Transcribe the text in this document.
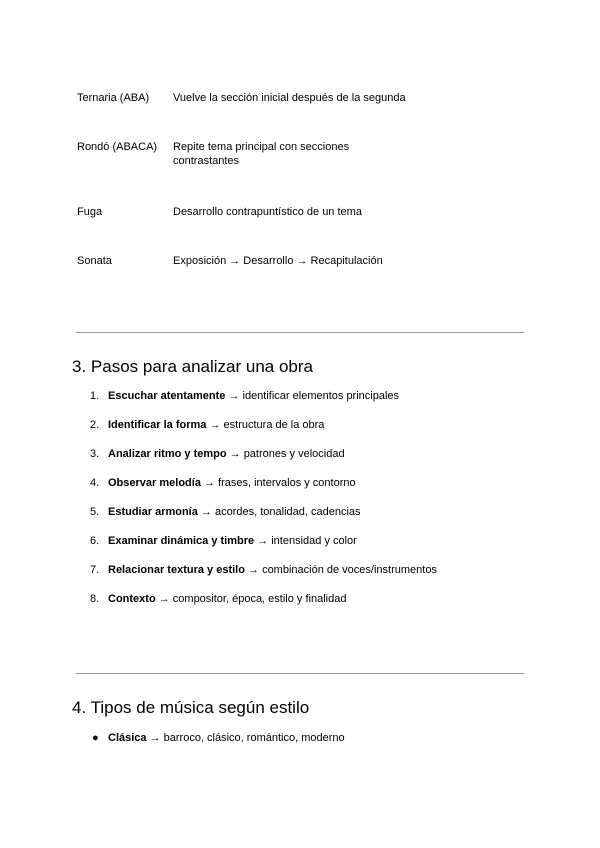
Ternaria (ABA)	Vuelve la sección inicial después de la segunda
Rondó (ABACA)	Repite tema principal con secciones contrastantes
Fuga	Desarrollo contrapuntístico de un tema
Sonata	Exposición → Desarrollo → Recapitulación
3. Pasos para analizar una obra
1. Escuchar atentamente → identificar elementos principales
2. Identificar la forma → estructura de la obra
3. Analizar ritmo y tempo → patrones y velocidad
4. Observar melodía → frases, intervalos y contorno
5. Estudiar armonía → acordes, tonalidad, cadencias
6. Examinar dinámica y timbre → intensidad y color
7. Relacionar textura y estilo → combinación de voces/instrumentos
8. Contexto → compositor, época, estilo y finalidad
4. Tipos de música según estilo
● Clásica → barroco, clásico, romántico, moderno
